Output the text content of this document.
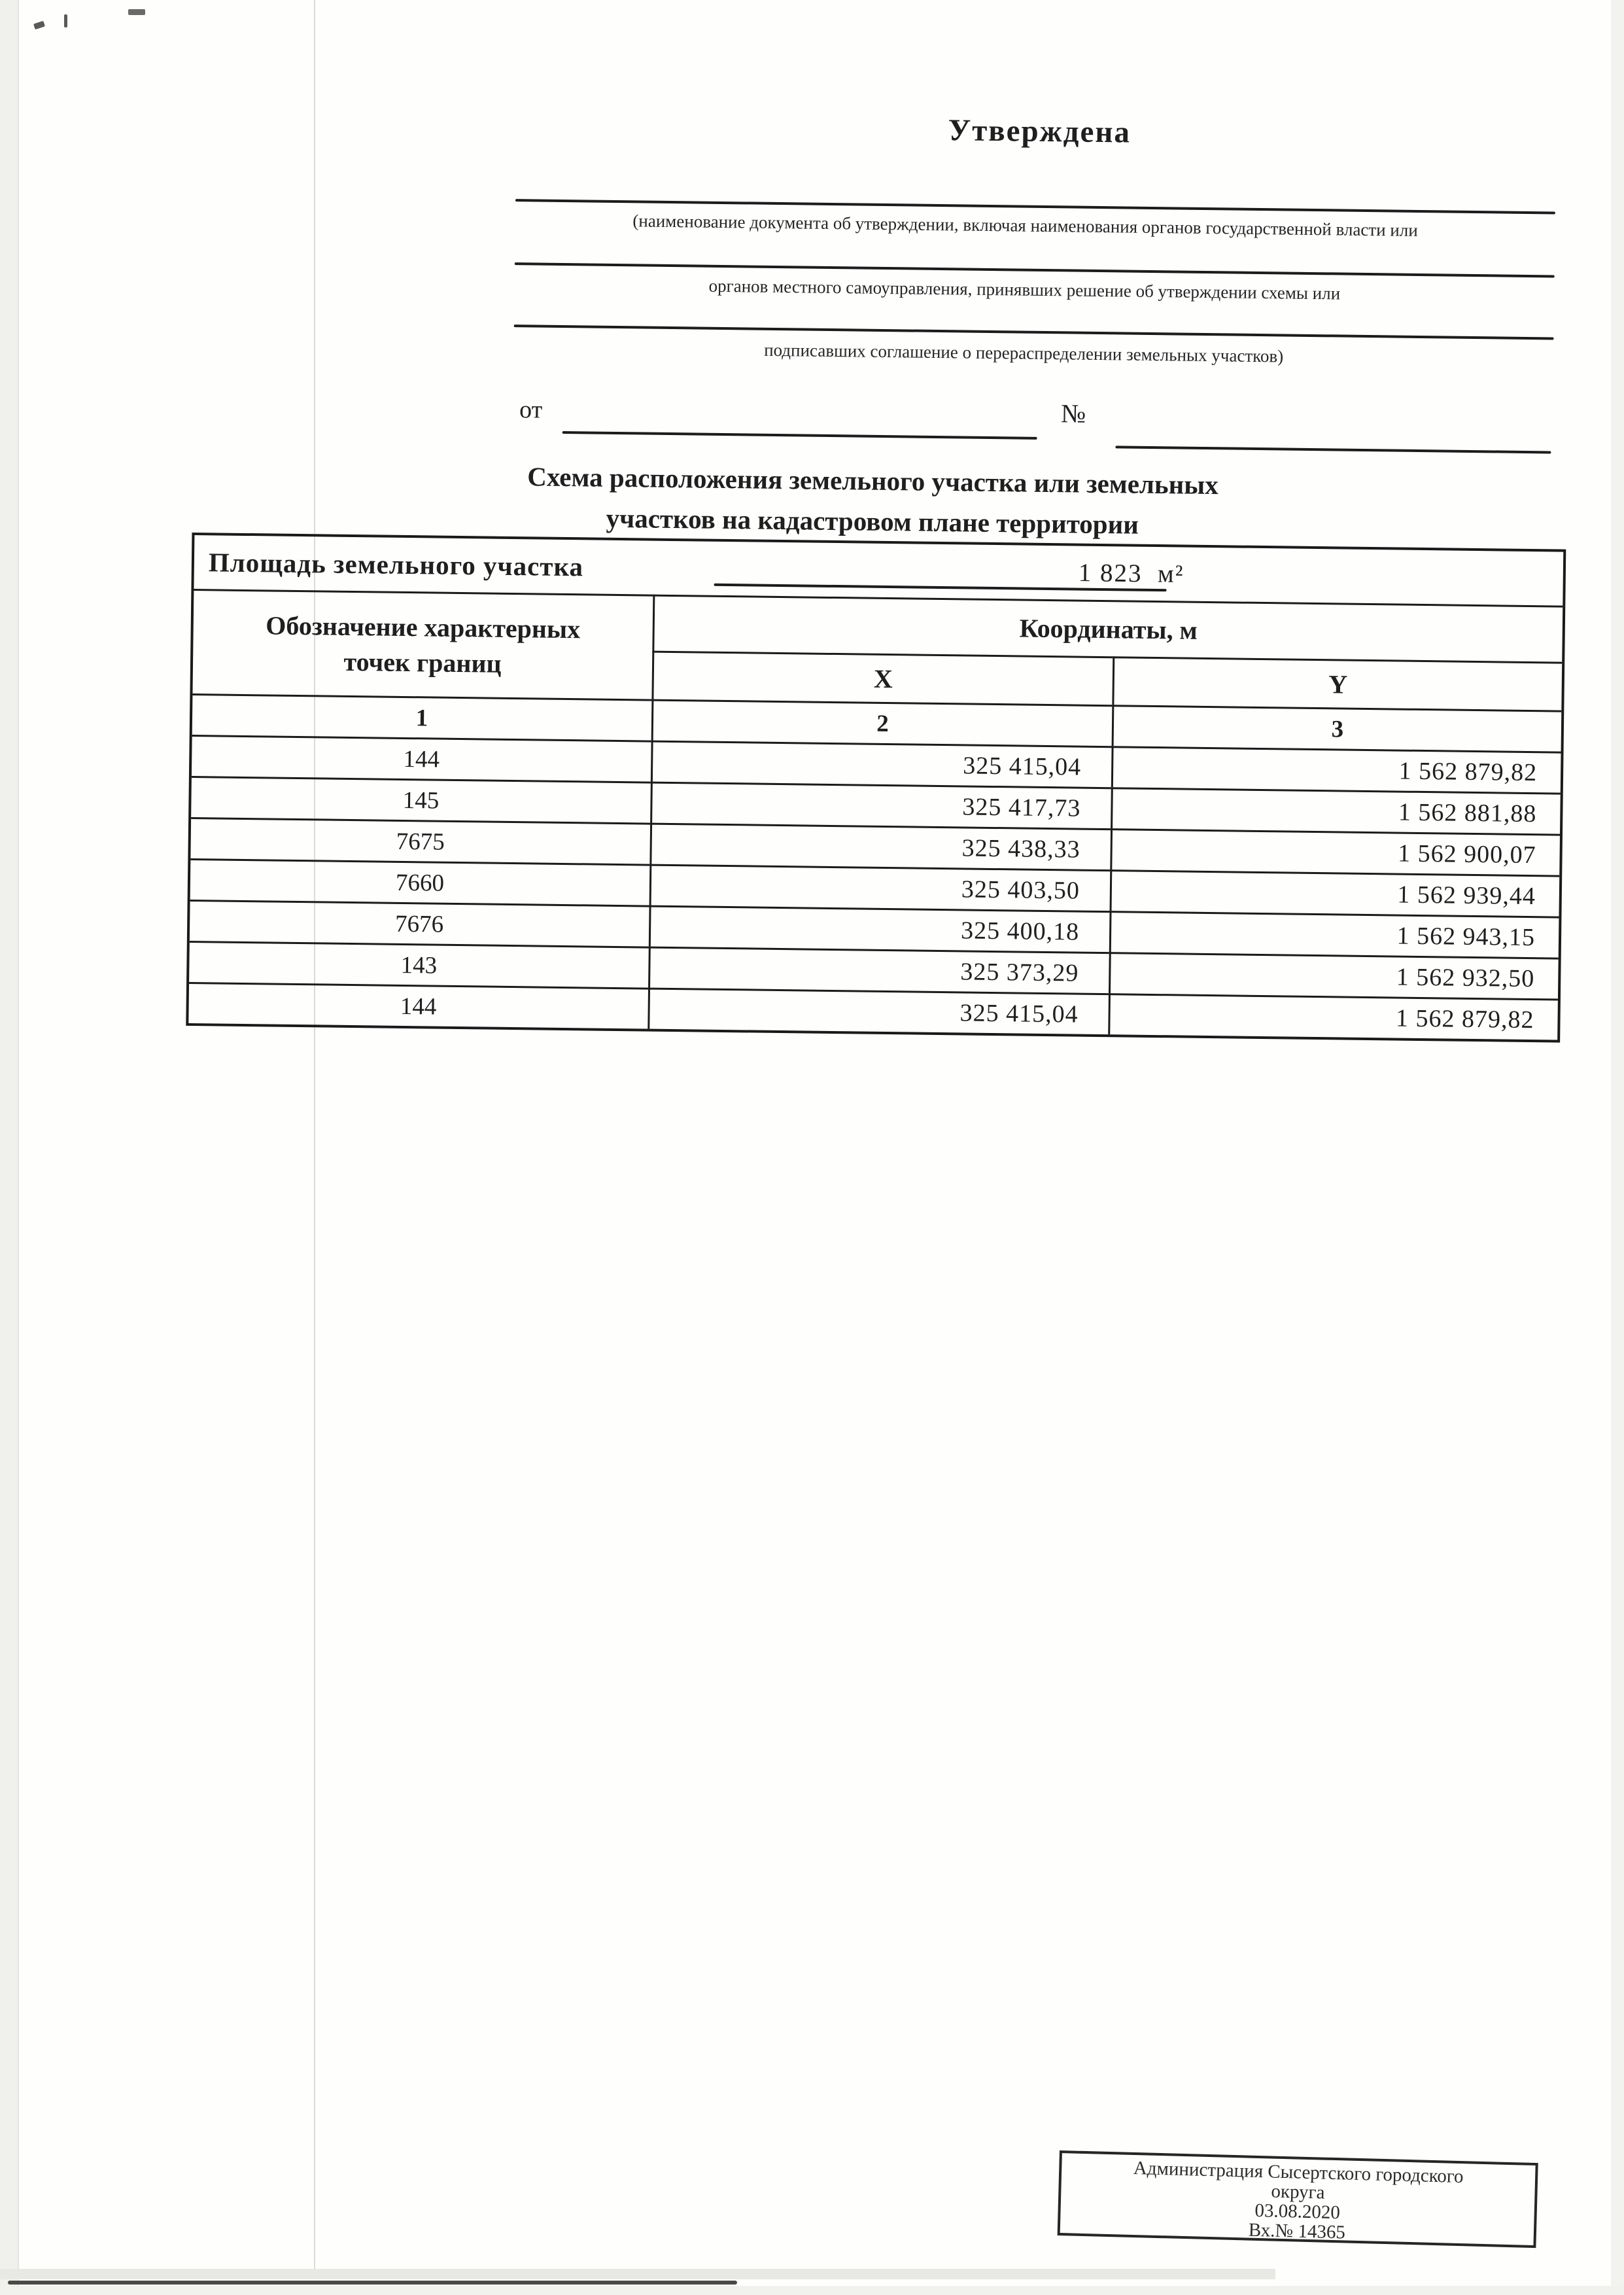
Утверждена
(наименование документа об утверждении, включая наименования органов государственной власти или
органов местного самоуправления, принявших решение об утверждении схемы или
подписавших соглашение о перераспределении земельных участков)
от	№
Схема расположения земельного участка или земельных
участков на кадастровом плане территории
Площадь земельного участка	1 823 м²
Обозначение характерных
точек границ
Координаты, м
X	Y
1	2	3
144	325 415,04	1 562 879,82
145	325 417,73	1 562 881,88
7675	325 438,33	1 562 900,07
7660	325 403,50	1 562 939,44
7676	325 400,18	1 562 943,15
143	325 373,29	1 562 932,50
144	325 415,04	1 562 879,82
Администрация Сысертского городского
округа
03.08.2020
Вх.№ 14365
